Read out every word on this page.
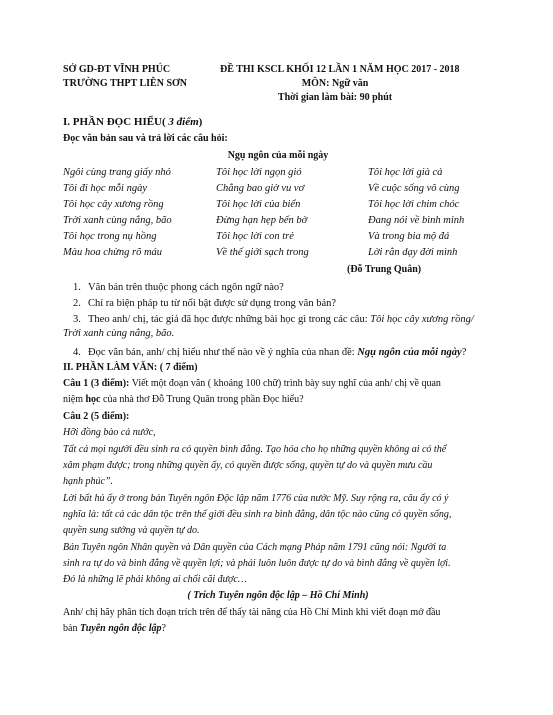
SỞ GD-ĐT VĨNH PHÚC
TRƯỜNG THPT LIÊN SƠN
ĐỀ THI KSCL KHỐI 12 LẦN 1 NĂM HỌC 2017 - 2018
MÔN: Ngữ văn
Thời gian làm bài: 90 phút
I. PHẦN ĐỌC HIỂU( 3 điểm)
Đọc văn bản sau và trả lời các câu hỏi:
Ngụ ngôn của mỗi ngày
Ngôi cùng trang giấy nhỏ	Tôi học lời ngọn gió	Tôi học lời già cả
Tôi đi học mỗi ngày	Chẳng bao giờ vu vơ	Về cuộc sống vô cùng
Tôi học cây xương rồng	Tôi học lời của biển	Tôi học lời chim chóc
Trời xanh cùng nắng, bão	Đừng hạn hẹp bến bờ	Đang nói về bình minh
Tôi học trong nụ hồng	Tôi học lời con trẻ	Và trong bia mộ đá
Màu hoa chừng rõ máu	Về thế giới sạch trong	Lời rằn dạy đời mình
(Đỗ Trung Quân)
1. Văn bản trên thuộc phong cách ngôn ngữ nào?
2. Chỉ ra biện pháp tu từ nổi bật được sử dụng trong văn bản?
3. Theo anh/ chị, tác giả đã học được những bài học gì trong các câu: Tôi học cây xương rồng/
Trời xanh cùng nắng, bão.
4. Đọc văn bản, anh/ chị hiểu như thế nào về ý nghĩa của nhan đề: Ngụ ngôn của mỗi ngày?
II. PHẦN LÀM VĂN: ( 7 điểm)
Câu 1 (3 điểm): Viết một đoạn văn ( khoảng 100 chữ) trình bày suy nghĩ của anh/ chị về quan
niệm học của nhà thơ Đỗ Trung Quân trong phần Đọc hiểu?
Câu 2 (5 điểm):
Hỡi đồng bào cả nước,
Tất cả mọi người đều sinh ra có quyền bình đẳng. Tạo hóa cho họ những quyền không ai có thể
xâm phạm được; trong những quyền ấy, có quyền được sống, quyền tự do và quyền mưu cầu
hạnh phúc”.
Lời bất hủ ấy ở trong bản Tuyên ngôn Độc lập năm 1776 của nước Mỹ. Suy rộng ra, câu ấy có ý
nghĩa là: tất cả các dân tộc trên thế giới đều sinh ra bình đẳng, dân tộc nào cũng có quyền sống,
quyền sung sướng và quyền tự do.
Bản Tuyên ngôn Nhân quyền và Dân quyền của Cách mạng Pháp năm 1791 cũng nói: Người ta
sinh ra tự do và bình đẳng về quyền lợi; và phải luôn luôn được tự do và bình đẳng về quyền lợi.
Đó là những lẽ phải không ai chối cãi được…
( Trích Tuyên ngôn độc lập – Hồ Chí Minh)
Anh/ chị hãy phân tích đoạn trích trên để thấy tài năng của Hồ Chí Minh khi viết đoạn mở đầu
bản Tuyên ngôn độc lập?
